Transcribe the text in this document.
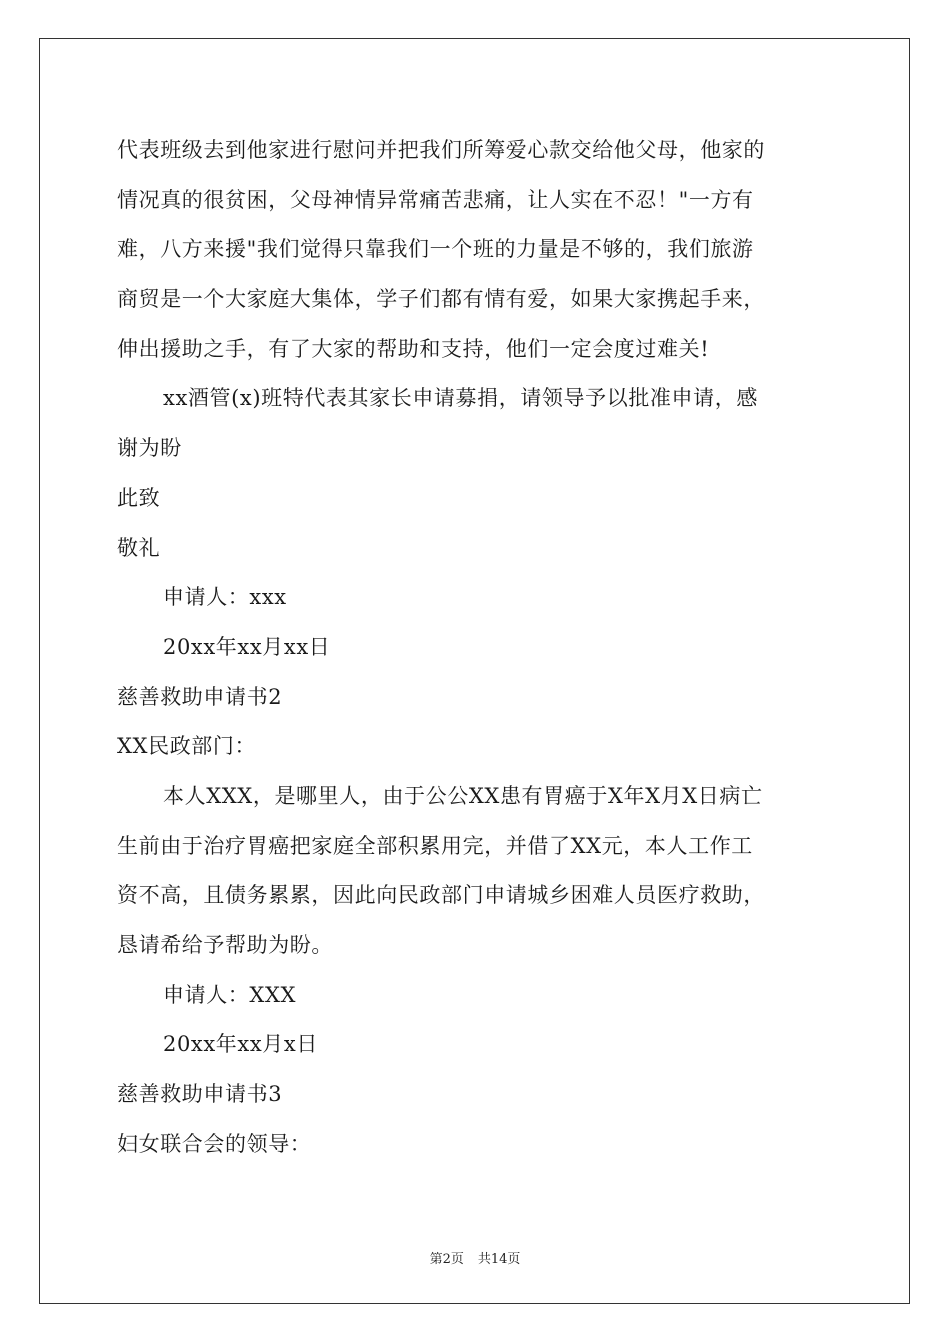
代表班级去到他家进行慰问并把我们所筹爱心款交给他父母，他家的
情况真的很贫困，父母神情异常痛苦悲痛，让人实在不忍！"一方有
难，八方来援"我们觉得只靠我们一个班的力量是不够的，我们旅游
商贸是一个大家庭大集体，学子们都有情有爱，如果大家携起手来，
伸出援助之手，有了大家的帮助和支持，他们一定会度过难关!
xx酒管(x)班特代表其家长申请募捐，请领导予以批准申请，感
谢为盼
此致
敬礼
申请人：xxx
20xx年xx月xx日
慈善救助申请书2
XX民政部门：
本人XXX，是哪里人，由于公公XX患有胃癌于X年X月X日病亡
生前由于治疗胃癌把家庭全部积累用完，并借了XX元，本人工作工
资不高，且债务累累，因此向民政部门申请城乡困难人员医疗救助，
恳请希给予帮助为盼。
申请人：XXX
20xx年xx月x日
慈善救助申请书3
妇女联合会的领导：
第2页 共14页
